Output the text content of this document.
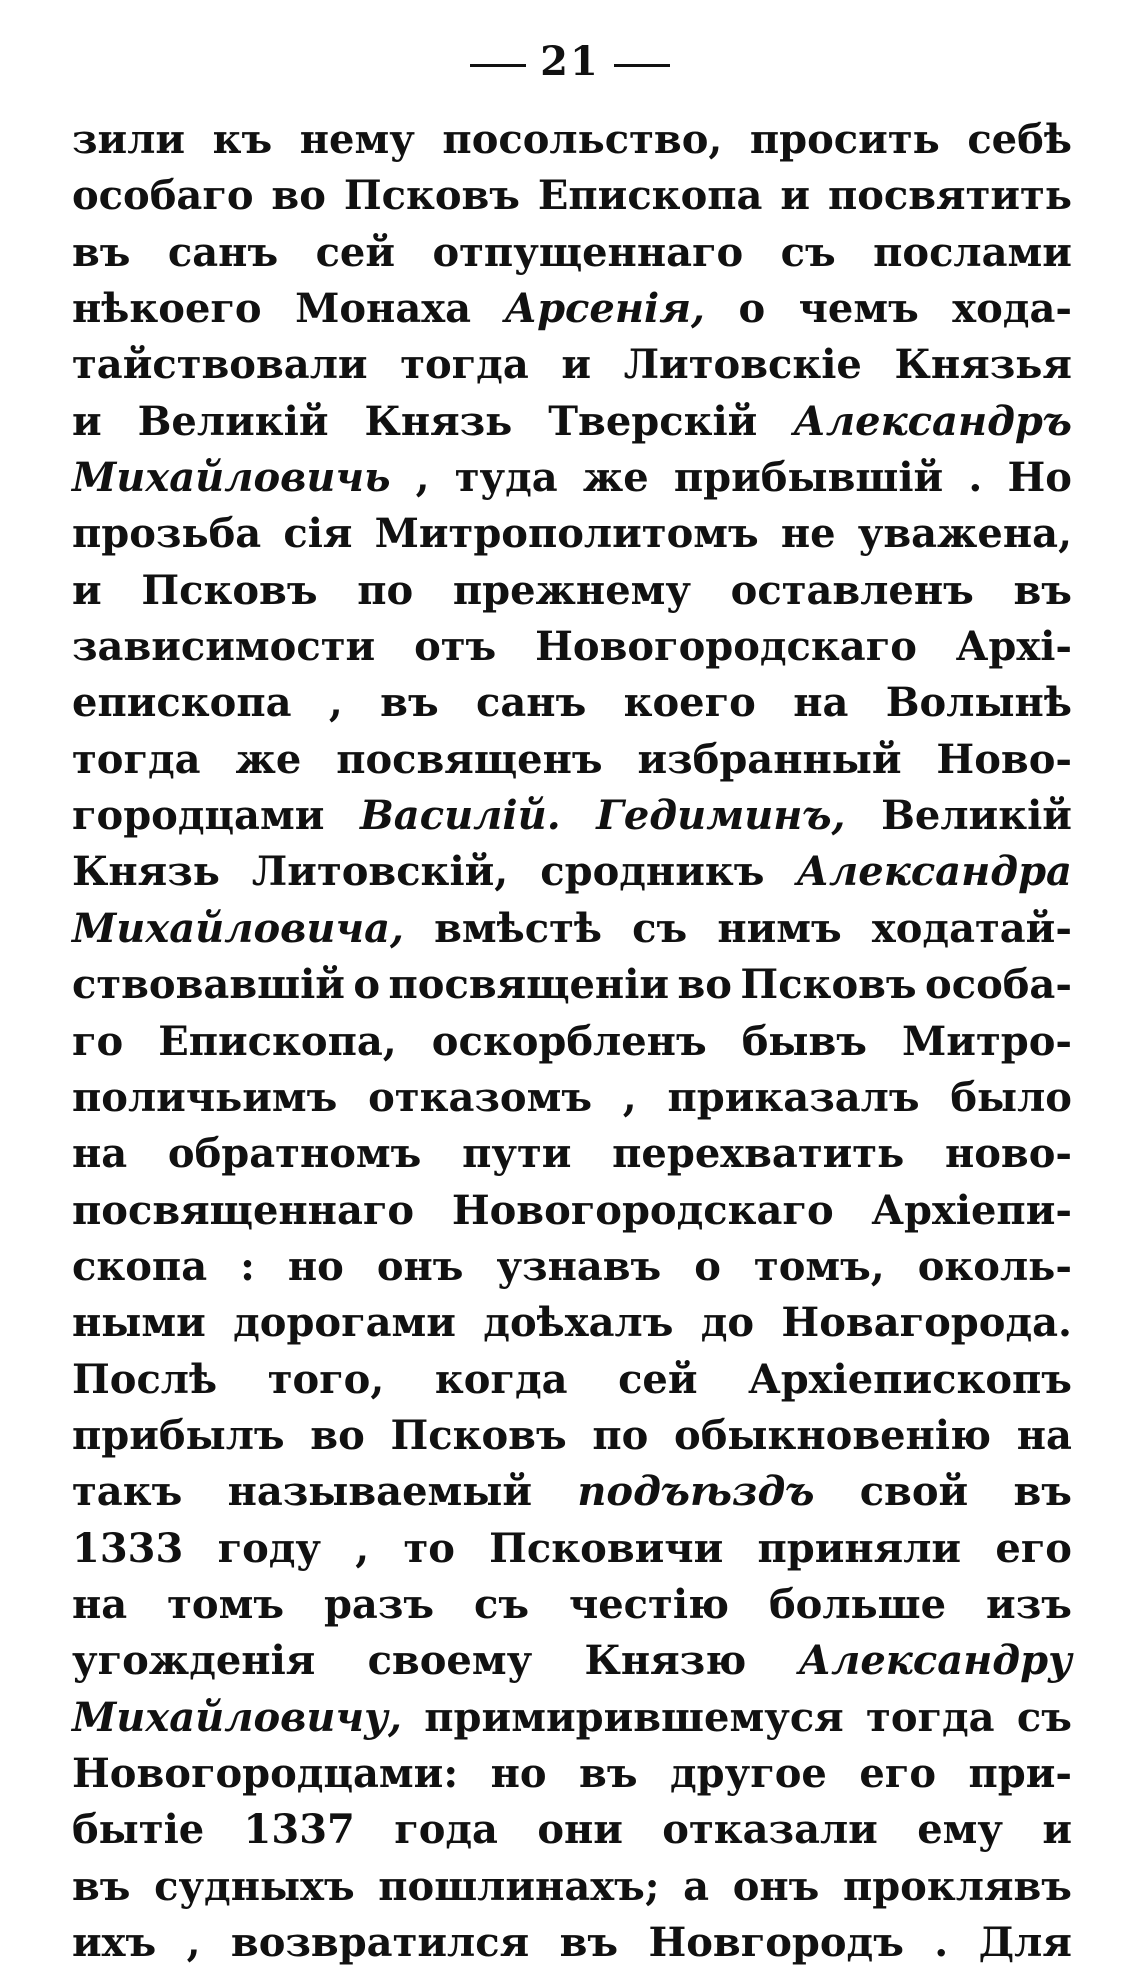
21
зили къ нему посольство, просить себѣ
особаго во Псковъ Епископа и посвятить
въ санъ сей отпущеннаго съ послами
нѣкоего Монаха Арсенія, о чемъ хода-
тайствовали тогда и Литовскіе Князья
и Великій Князь Тверскій Александръ
Михайловичь , туда же прибывшій . Но
прозьба сія Митрополитомъ не уважена,
и Псковъ по прежнему оставленъ въ
зависимости отъ Новогородскаго Архі-
епископа , въ санъ коего на Волынѣ
тогда же посвященъ избранный Ново-
городцами Василій. Гедиминъ, Великій
Князь Литовскій, сродникъ Александра
Михайловича, вмѣстѣ съ нимъ ходатай-
ствовавшій о посвященіи во Псковъ особа-
го Епископа, оскорбленъ бывъ Митро-
поличьимъ отказомъ , приказалъ было
на обратномъ пути перехватить ново-
посвященнаго Новогородскаго Архіепи-
скопа : но онъ узнавъ о томъ, околь-
ными дорогами доѣхалъ до Новагорода.
Послѣ того, когда сей Архіепископъ
прибылъ во Псковъ по обыкновенію на
такъ называемый подъѣздъ свой въ
1333 году , то Псковичи приняли его
на томъ разъ съ честію больше изъ
угожденія своему Князю Александру
Михайловичу, примирившемуся тогда съ
Новогородцами: но въ другое его при-
бытіе 1337 года они отказали ему и
въ судныхъ пошлинахъ; а онъ проклявъ
ихъ , возвратился въ Новгородъ . Для
